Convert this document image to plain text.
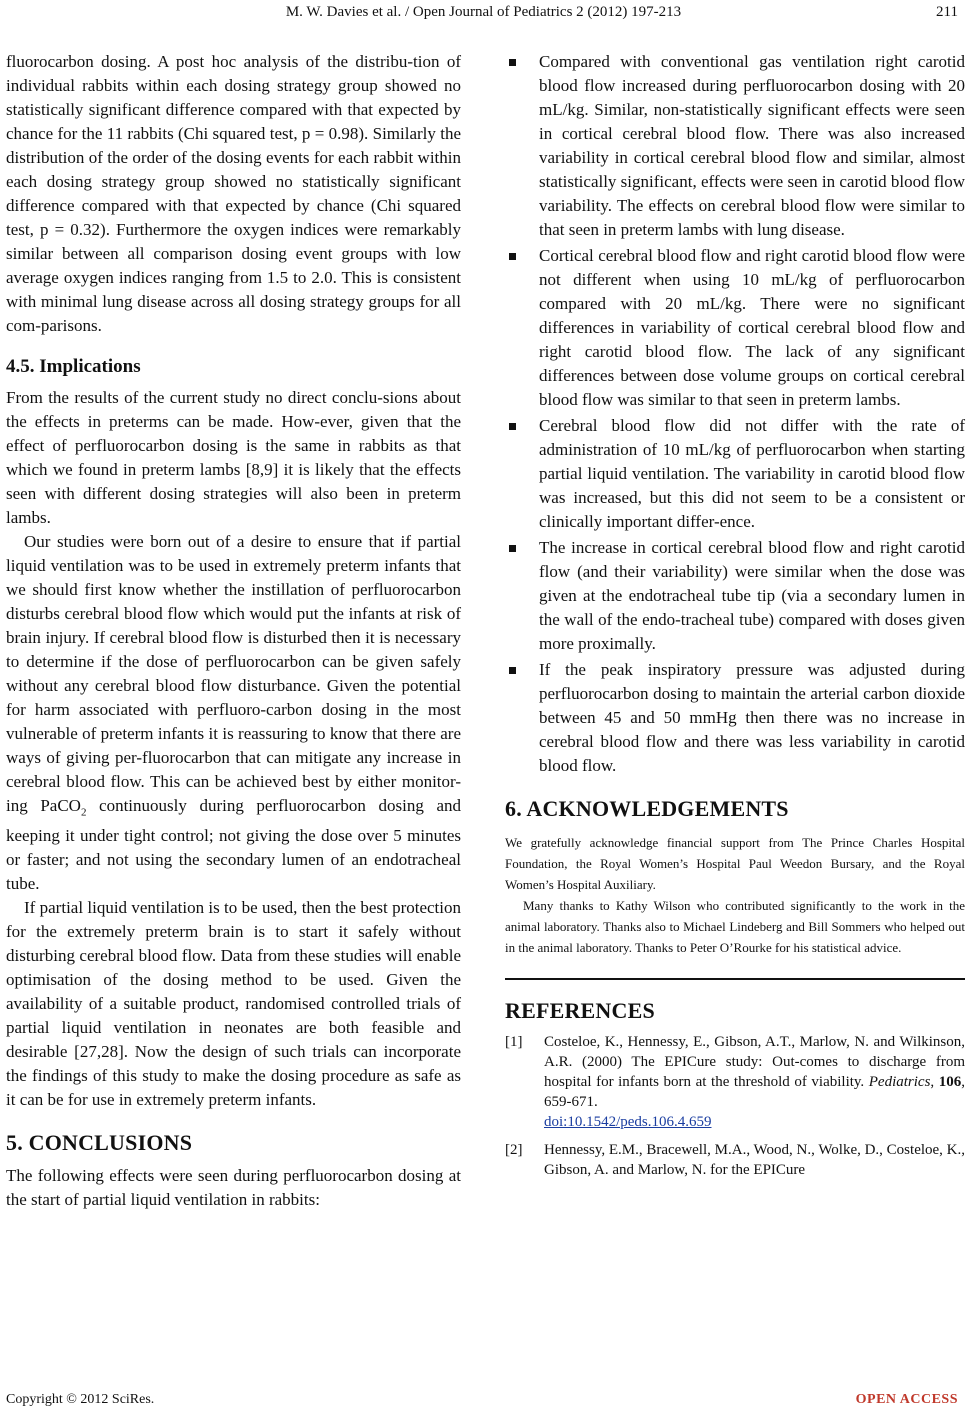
M. W. Davies et al. / Open Journal of Pediatrics 2 (2012) 197-213	211

fluorocarbon dosing. A post hoc analysis of the distribu-tion of individual rabbits within each dosing strategy group showed no statistically significant difference compared with that expected by chance for the 11 rabbits (Chi squared test, p = 0.98). Similarly the distribution of the order of the dosing events for each rabbit within each dosing strategy group showed no statistically significant difference compared with that expected by chance (Chi squared test, p = 0.32). Furthermore the oxygen indices were remarkably similar between all comparison dosing event groups with low average oxygen indices ranging from 1.5 to 2.0. This is consistent with minimal lung disease across all dosing strategy groups for all com-parisons.

4.5. Implications

From the results of the current study no direct conclu-sions about the effects in preterms can be made. How-ever, given that the effect of perfluorocarbon dosing is the same in rabbits as that which we found in preterm lambs [8,9] it is likely that the effects seen with different dosing strategies will also been in preterm lambs.

Our studies were born out of a desire to ensure that if partial liquid ventilation was to be used in extremely preterm infants that we should first know whether the instillation of perfluorocarbon disturbs cerebral blood flow which would put the infants at risk of brain injury. If cerebral blood flow is disturbed then it is necessary to determine if the dose of perfluorocarbon can be given safely without any cerebral blood flow disturbance. Given the potential for harm associated with perfluoro-carbon dosing in the most vulnerable of preterm infants it is reassuring to know that there are ways of giving per-fluorocarbon that can mitigate any increase in cerebral blood flow. This can be achieved best by either monitor-ing PaCO$_2$ continuously during perfluorocarbon dosing and keeping it under tight control; not giving the dose over 5 minutes or faster; and not using the secondary lumen of an endotracheal tube.

If partial liquid ventilation is to be used, then the best protection for the extremely preterm brain is to start it safely without disturbing cerebral blood flow. Data from these studies will enable optimisation of the dosing method to be used. Given the availability of a suitable product, randomised controlled trials of partial liquid ventilation in neonates are both feasible and desirable [27,28]. Now the design of such trials can incorporate the findings of this study to make the dosing procedure as safe as it can be for use in extremely preterm infants.

5. CONCLUSIONS

The following effects were seen during perfluorocarbon dosing at the start of partial liquid ventilation in rabbits:

Compared with conventional gas ventilation right carotid blood flow increased during perfluorocarbon dosing with 20 mL/kg. Similar, non-statistically significant effects were seen in cortical cerebral blood flow. There was also increased variability in cortical cerebral blood flow and similar, almost statistically significant, effects were seen in carotid blood flow variability. The effects on cerebral blood flow were similar to that seen in preterm lambs with lung disease.
Cortical cerebral blood flow and right carotid blood flow were not different when using 10 mL/kg of perfluorocarbon compared with 20 mL/kg. There were no significant differences in variability of cortical cerebral blood flow and right carotid blood flow. The lack of any significant differences between dose volume groups on cortical cerebral blood flow was similar to that seen in preterm lambs.
Cerebral blood flow did not differ with the rate of administration of 10 mL/kg of perfluorocarbon when starting partial liquid ventilation. The variability in carotid blood flow was increased, but this did not seem to be a consistent or clinically important differ-ence.
The increase in cortical cerebral blood flow and right carotid flow (and their variability) were similar when the dose was given at the endotracheal tube tip (via a secondary lumen in the wall of the endo-tracheal tube) compared with doses given more proximally.
If the peak inspiratory pressure was adjusted during perfluorocarbon dosing to maintain the arterial carbon dioxide between 45 and 50 mmHg then there was no increase in cerebral blood flow and there was less variability in carotid blood flow.
6. ACKNOWLEDGEMENTS

We gratefully acknowledge financial support from The Prince Charles Hospital Foundation, the Royal Women’s Hospital Paul Weedon Bursary, and the Royal Women’s Hospital Auxiliary.

Many thanks to Kathy Wilson who contributed significantly to the work in the animal laboratory. Thanks also to Michael Lindeberg and Bill Sommers who helped out in the animal laboratory. Thanks to Peter O’Rourke for his statistical advice.

REFERENCES
[1] Costeloe, K., Hennessy, E., Gibson, A.T., Marlow, N. and Wilkinson, A.R. (2000) The EPICure study: Out-comes to discharge from hospital for infants born at the threshold of viability. Pediatrics, 106, 659-671.
doi:10.1542/peds.106.4.659
[2] Hennessy, E.M., Bracewell, M.A., Wood, N., Wolke, D., Costeloe, K., Gibson, A. and Marlow, N. for the EPICure
Copyright © 2012 SciRes.	OPEN ACCESS
